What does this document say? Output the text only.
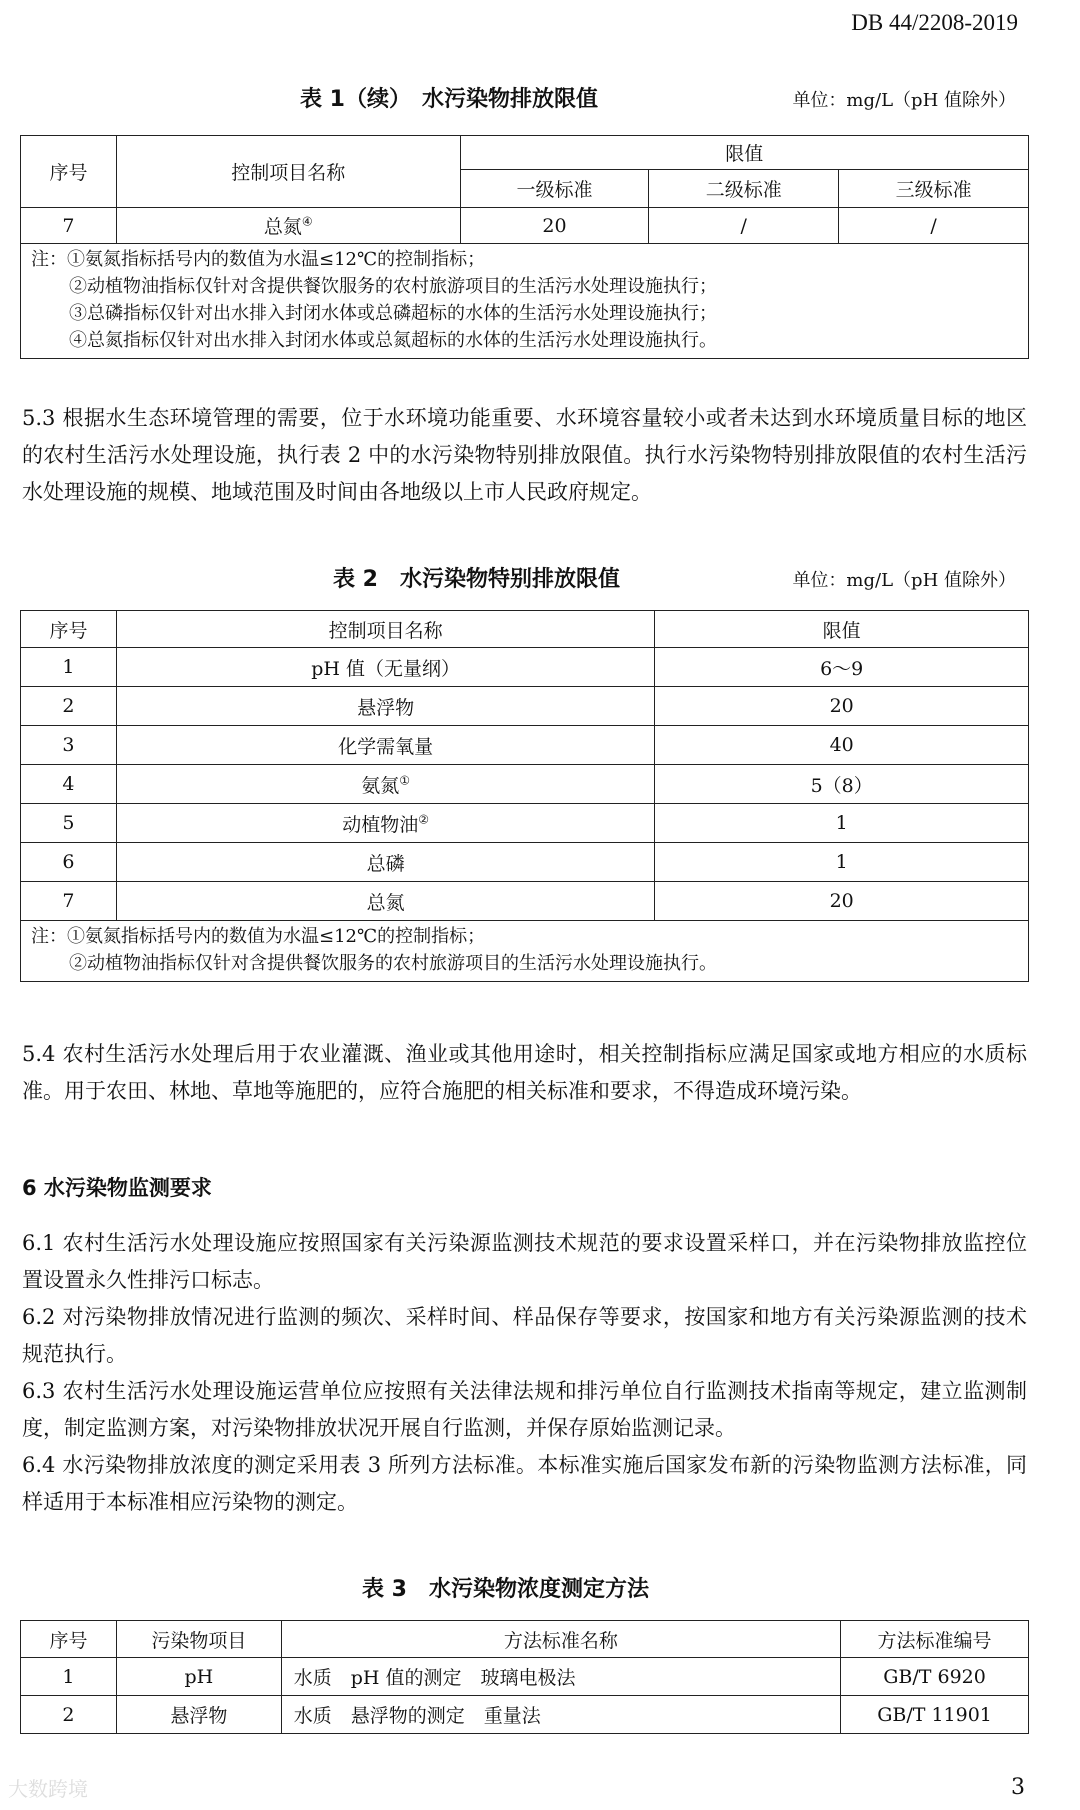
DB 44/2208-2019
表 1（续）　水污染物排放限值	单位：mg/L（pH 值除外）
序号	控制项目名称	限值		
		一级标准	二级标准	三级标准
7	总氮④	20	/	/

注：①氨氮指标括号内的数值为水温≤12℃的控制指标；
②动植物油指标仅针对含提供餐饮服务的农村旅游项目的生活污水处理设施执行；
③总磷指标仅针对出水排入封闭水体或总磷超标的水体的生活污水处理设施执行；
④总氮指标仅针对出水排入封闭水体或总氮超标的水体的生活污水处理设施执行。				

5.3 根据水生态环境管理的需要，位于水环境功能重要、水环境容量较小或者未达到水环境质量目标的地区的农村生活污水处理设施，执行表 2 中的水污染物特别排放限值。执行水污染物特别排放限值的农村生活污水处理设施的规模、地域范围及时间由各地级以上市人民政府规定。

表 2　水污染物特别排放限值	单位：mg/L（pH 值除外）
序号	控制项目名称	限值
1	pH 值（无量纲）	6～9
2	悬浮物	20
3	化学需氧量	40
4	氨氮①	5（8）
5	动植物油②	1
6	总磷	1
7	总氮	20

注：①氨氮指标括号内的数值为水温≤12℃的控制指标；
②动植物油指标仅针对含提供餐饮服务的农村旅游项目的生活污水处理设施执行。		

5.4 农村生活污水处理后用于农业灌溉、渔业或其他用途时，相关控制指标应满足国家或地方相应的水质标准。用于农田、林地、草地等施肥的，应符合施肥的相关标准和要求，不得造成环境污染。

6 水污染物监测要求

6.1 农村生活污水处理设施应按照国家有关污染源监测技术规范的要求设置采样口，并在污染物排放监控位置设置永久性排污口标志。

6.2 对污染物排放情况进行监测的频次、采样时间、样品保存等要求，按国家和地方有关污染源监测的技术规范执行。

6.3 农村生活污水处理设施运营单位应按照有关法律法规和排污单位自行监测技术指南等规定，建立监测制度，制定监测方案，对污染物排放状况开展自行监测，并保存原始监测记录。

6.4 水污染物排放浓度的测定采用表 3 所列方法标准。本标准实施后国家发布新的污染物监测方法标准，同样适用于本标准相应污染物的测定。

表 3　水污染物浓度测定方法
序号	污染物项目	方法标准名称	方法标准编号
1	pH	水质　pH 值的测定　玻璃电极法	GB/T 6920
2	悬浮物	水质　悬浮物的测定　重量法	GB/T 11901
大数跨境	3
